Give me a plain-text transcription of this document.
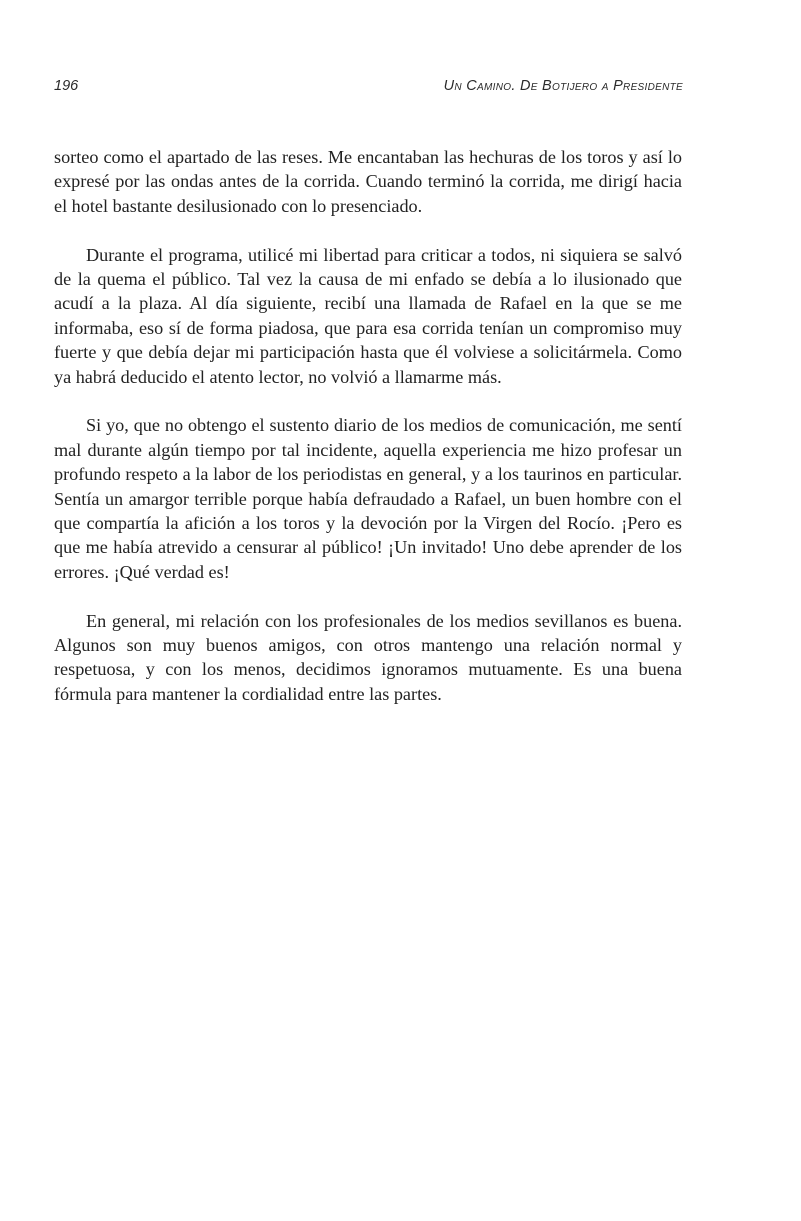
196	Un Camino. De Botijero a Presidente

sorteo como el apartado de las reses. Me encantaban las hechuras de los toros y así lo expresé por las ondas antes de la corrida. Cuando terminó la corrida, me dirigí hacia el hotel bastante desilusionado con lo presenciado.

Durante el programa, utilicé mi libertad para criticar a todos, ni siquiera se salvó de la quema el público. Tal vez la causa de mi enfado se debía a lo ilusionado que acudí a la plaza. Al día siguiente, recibí una llamada de Rafael en la que se me informaba, eso sí de forma piadosa, que para esa corrida tenían un compromiso muy fuerte y que debía dejar mi participación hasta que él volviese a solicitármela. Como ya habrá deducido el atento lector, no volvió a llamarme más.

Si yo, que no obtengo el sustento diario de los medios de comunicación, me sentí mal durante algún tiempo por tal incidente, aquella experiencia me hizo profesar un profundo respeto a la labor de los periodistas en general, y a los taurinos en particular. Sentía un amargor terrible porque había defraudado a Rafael, un buen hombre con el que compartía la afición a los toros y la devoción por la Virgen del Rocío. ¡Pero es que me había atrevido a censurar al público! ¡Un invitado! Uno debe aprender de los errores. ¡Qué verdad es!

En general, mi relación con los profesionales de los medios sevillanos es buena. Algunos son muy buenos amigos, con otros mantengo una relación normal y respetuosa, y con los menos, decidimos ignoramos mutuamente. Es una buena fórmula para mantener la cordialidad entre las partes.
